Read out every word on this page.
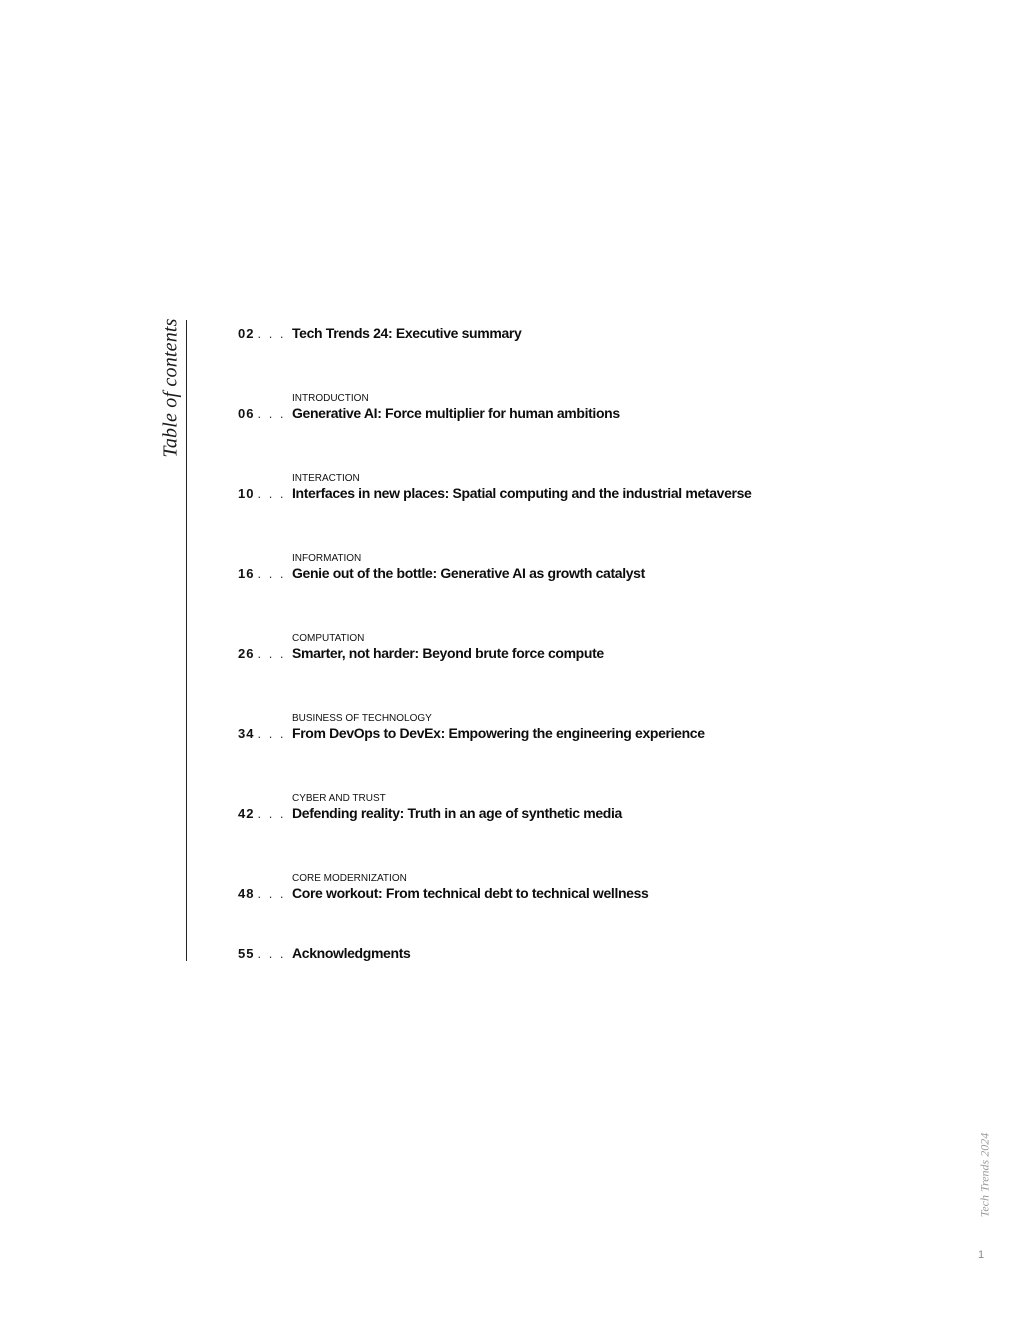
Table of contents	02 . . . Tech Trends 24: Executive summary
INTRODUCTION
06 . . . Generative AI: Force multiplier for human ambitions
INTERACTION
10 . . . Interfaces in new places: Spatial computing and the industrial metaverse
INFORMATION
16 . . . Genie out of the bottle: Generative AI as growth catalyst
COMPUTATION
26 . . . Smarter, not harder: Beyond brute force compute
BUSINESS OF TECHNOLOGY
34 . . . From DevOps to DevEx: Empowering the engineering experience
CYBER AND TRUST
42 . . . Defending reality: Truth in an age of synthetic media
CORE MODERNIZATION
48 . . . Core workout: From technical debt to technical wellness
55 . . . Acknowledgments
Tech Trends 2024
1
